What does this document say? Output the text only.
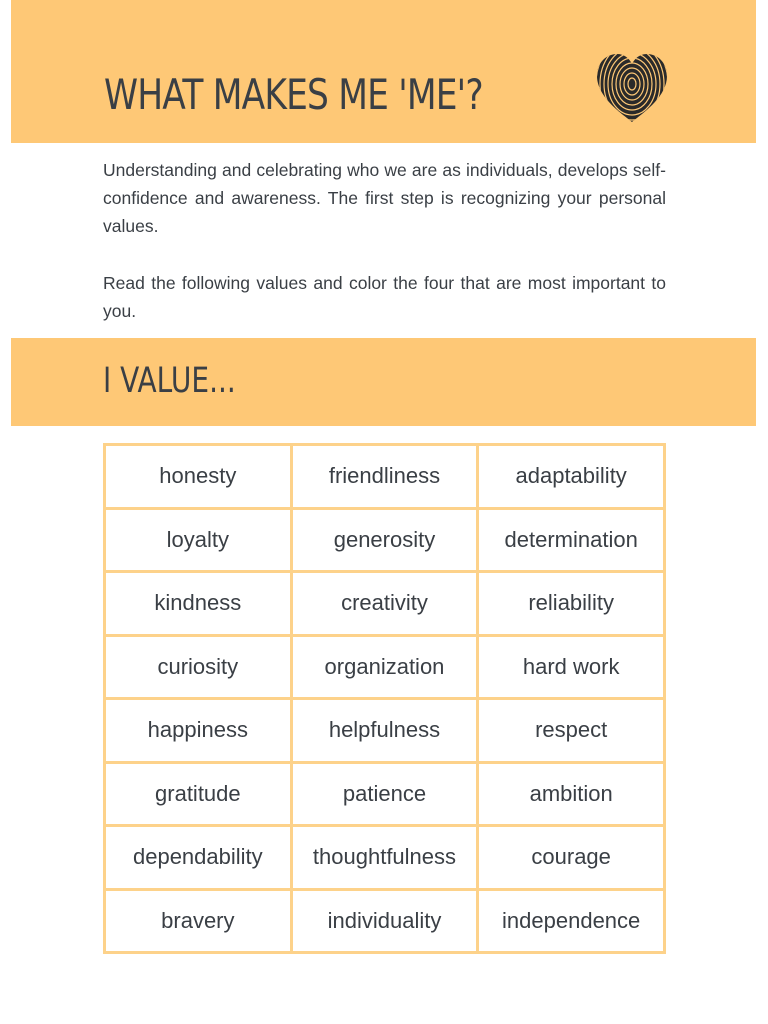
WHAT MAKES ME 'ME'?

Understanding and celebrating who we are as individuals, develops self-confidence and awareness. The first step is recognizing your personal values.

Read the following values and color the four that are most important to you.

I VALUE...
honesty	friendliness	adaptability
loyalty	generosity	determination
kindness	creativity	reliability
curiosity	organization	hard work
happiness	helpfulness	respect
gratitude	patience	ambition
dependability	thoughtfulness	courage
bravery	individuality	independence
